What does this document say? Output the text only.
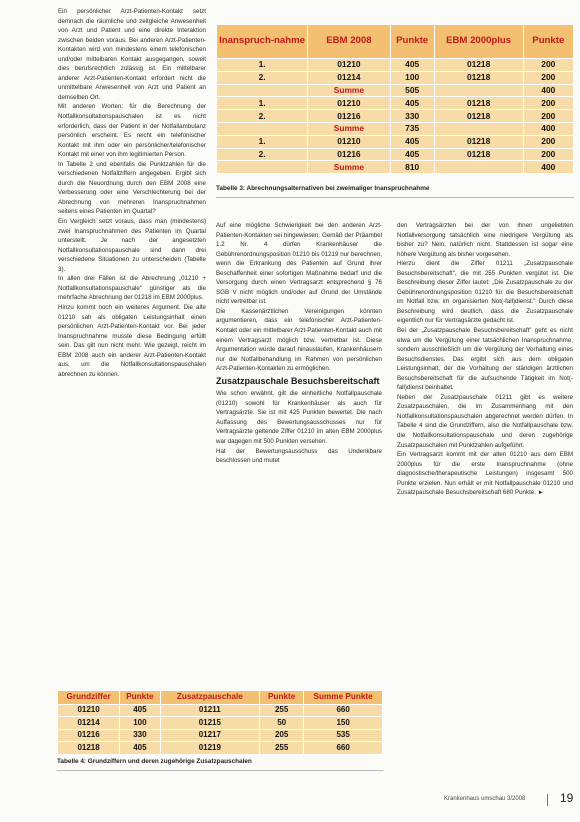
Ein persönlicher Arzt-Patienten-Kontakt setzt demnach die räumliche und zeitgleiche Anwesenheit von Arzt und Patient und eine direkte Interaktion zwischen beiden voraus. Bei anderen Arzt-Patienten-Kontakten wird von mindestens einem telefonischen und/oder mittelbaren Kontakt ausgegangen, soweit dies berufsrechtlich zulässig ist. Ein mittelbarer anderer Arzt-Patienten-Kontakt erfordert nicht die unmittelbare Anwesenheit von Arzt und Patient an demselben Ort.

Mit anderen Worten: für die Berechnung der Notfallkonsultationspauschalen ist es nicht erforderlich, dass der Patient in der Notfallambulanz persönlich erscheint. Es reicht ein telefonischer Kontakt mit ihm oder ein persönlicher/telefonischer Kontakt mit einer von ihm legitimierten Person.

In Tabelle 2 und ebenfalls die Punktzahlen für die verschiedenen Notfallziffern angegeben. Ergibt sich durch die Neuordnung durch den EBM 2008 eine Verbesserung oder eine Verschlechterung bei der Abrechnung von mehreren Inanspruchnahmen seitens eines Patienten im Quartal?

Ein Vergleich setzt voraus, dass man (mindestens) zwei Inanspruchnahmen des Patienten im Quartal unterstellt. Je nach der angesetzten Notfallkonsultationspauschale sind dann drei verschiedene Situationen zu unterscheiden (Tabelle 3).

In allen drei Fällen ist die Abrechnung „01210 + Notfallkonsultationspauschale" günstiger als die mehrfache Abrechnung der 01218 im EBM 2000plus.

Hinzu kommt noch ein weiteres Argument. Die alte 01210 sah als obligaten Leistungsinhalt einen persönlichen Arzt-Patienten-Kontakt vor. Bei jeder Inanspruchnahme musste diese Bedingung erfüllt sein. Das gilt nun nicht mehr. Wie gezeigt, reicht im EBM 2008 auch ein anderer Arzt-Patienten-Kontakt aus, um die Notfallkonsultationspauschalen abrechnen zu können.

Inanspruch-nahme	EBM 2008	Punkte	EBM 2000plus	Punkte
1.	01210	405	01218	200
2.	01214	100	01218	200
	Summe	505		400
1.	01210	405	01218	200
2.	01216	330	01218	200
	Summe	735		400
1.	01210	405	01218	200
2.	01216	405	01218	200
	Summe	810		400
Tabelle 3: Abrechnungsalternativen bei zweimaliger Inanspruchnahme

Auf eine mögliche Schwierigkeit bei den anderen Arzt-Patienten-Kontakten sei hingewiesen. Gemäß der Präambel 1.2 Nr. 4 dürfen Krankenhäuser die Gebührenordnungsposition 01210 bis 01219 nur berechnen, wenn die Erkrankung des Patienten auf Grund ihrer Beschaffenheit einer sofortigen Maßnahme bedarf und die Versorgung durch einen Vertragsarzt entsprechend § 76 SGB V nicht möglich und/oder auf Grund der Umstände nicht vertretbar ist.

Die Kassenärztlichen Vereinigungen könnten argumentieren, dass ein telefonischer Arzt-Patienten-Kontakt oder ein mittelbarer Arzt-Patienten-Kontakt auch mit einem Vertragsarzt möglich bzw. vertretbar ist. Diese Argumentation würde darauf hinauslaufen, Krankenhäusern nur die Notfallbehandlung im Rahmen von persönlichen Arzt-Patienten-Kontakten zu ermöglichen.

Zusatzpauschale Besuchsbereitschaft

Wie schon erwähnt, gilt die einheitliche Notfallpauschale (01210) sowohl für Krankenhäuser als auch für Vertragsärzte. Sie ist mit 425 Punkten bewertet. Die nach Auffassung des Bewertungsausschusses nur für Vertragsärzte geltende Ziffer 01210 im alten EBM 2000plus war dagegen mit 500 Punkten versehen.

Hat der Bewertungsausschuss das Undenkbare beschlossen und mutet

den Vertragsärzten bei der von ihnen ungeliebten Notfallversorgung tatsächlich eine niedrigere Vergütung als bisher zu? Nein, natürlich nicht. Stattdessen ist sogar eine höhere Vergütung als bisher vorgesehen.

Hierzu dient die Ziffer 01211 „Zusatzpauschale Besuchsbereitschaft", die mit 255 Punkten vergütet ist. Die Beschreibung dieser Ziffer lautet: „Die Zusatzpauschale zu der Gebührenordnungsposition 01210 für die Besuchsbereitschaft im Notfall bzw. im organisierten Not(-fall)dienst." Durch diese Beschreibung wird deutlich, dass die Zusatzpauschale eigentlich nur für Vertragsärzte gedacht ist.

Bei der „Zusatzpauschale Besuchsbereitschaft" geht es nicht etwa um die Vergütung einer tatsächlichen Inanspruchnahme, sondern ausschließlich um die Vergütung der Vorhaltung eines Besuchsdienstes. Das ergibt sich aus dem obligaten Leistungsinhalt, der die Vorhaltung der ständigen ärztlichen Besuchsbereitschaft für die aufsuchende Tätigkeit im Not(-fall)dienst beinhaltet.

Neben der Zusatzpauschale 01211 gibt es weitere Zusatzpauschalen, die im Zusammenhang mit den Notfallkonsultationspauschalen abgerechnet werden dürfen. In Tabelle 4 sind die Grundziffern, also die Notfallpauschale bzw. die Notfallkonsultationspauschale und deren zugehörige Zusatzpauschalen mit Punktzahlen aufgeführt.

Ein Vertragsarzt kommt mit der alten 01210 aus dem EBM 2000plus für die erste Inanspruchnahme (ohne diagnostische/therapeutische Leistungen) insgesamt 500 Punkte erzielen. Nun erhält er mit Notfallpauschale 01210 und Zusatzpauschale Besuchsbereitschaft 680 Punkte. ►

Grundziffer	Punkte	Zusatzpauschale	Punkte	Summe Punkte
01210	405	01211	255	660
01214	100	01215	50	150
01216	330	01217	205	535
01218	405	01219	255	660
Tabelle 4: Grundziffern und deren zugehörige Zusatzpauschalen
Krankenhaus umschau 3/2008	19
